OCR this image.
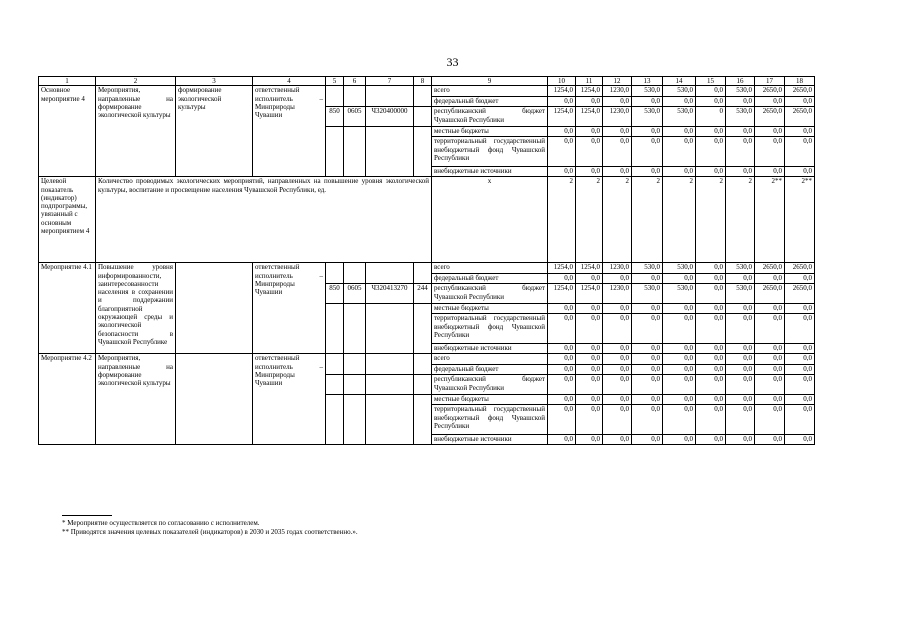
33
1	2	3	4	5	6	7	8	9	10	11	12	13	14	15	16	17	18
Основное мероприятие 4	Мероприятия, направленные на формирование экологической культуры	формирование экологической культуры	ответственный исполнитель – Минприроды Чувашии					всего	1254,0	1254,0	1230,0	530,0	530,0	0,0	530,0	2650,0	2650,0
								федеральный бюджет	0,0	0,0	0,0	0,0	0,0	0,0	0,0	0,0	0,0
				850	0605	Ч320400000		республиканский бюджет Чувашской Республики	1254,0	1254,0	1230,0	530,0	530,0	0	530,0	2650,0	2650,0
								местные бюджеты	0,0	0,0	0,0	0,0	0,0	0,0	0,0	0,0	0,0
								территориальный государственный внебюджетный фонд Чувашской Республики	0,0	0,0	0,0	0,0	0,0	0,0	0,0	0,0	0,0
								внебюджетные источники	0,0	0,0	0,0	0,0	0,0	0,0	0,0	0,0	0,0
Целевой показатель (индикатор) подпрограммы, увязанный с основным мероприятием 4	Количество проводимых экологических мероприятий, направленных на повышение уровня экологической культуры, воспитание и просвещение населения Чувашской Республики, ед.							x	2	2	2	2	2	2	2	2**	2**
Мероприятие 4.1	Повышение уровня информированности, заинтересованности населения в сохранении и поддержании благоприятной окружающей среды и экологической безопасности в Чувашской Республике		ответственный исполнитель – Минприроды Чувашии					всего	1254,0	1254,0	1230,0	530,0	530,0	0,0	530,0	2650,0	2650,0
								федеральный бюджет	0,0	0,0	0,0	0,0	0,0	0,0	0,0	0,0	0,0
				850	0605	Ч320413270	244	республиканский бюджет Чувашской Республики	1254,0	1254,0	1230,0	530,0	530,0	0,0	530,0	2650,0	2650,0
								местные бюджеты	0,0	0,0	0,0	0,0	0,0	0,0	0,0	0,0	0,0
								территориальный государственный внебюджетный фонд Чувашской Республики	0,0	0,0	0,0	0,0	0,0	0,0	0,0	0,0	0,0
								внебюджетные источники	0,0	0,0	0,0	0,0	0,0	0,0	0,0	0,0	0,0
Мероприятие 4.2	Мероприятия, направленные на формирование экологической культуры		ответственный исполнитель – Минприроды Чувашии					всего	0,0	0,0	0,0	0,0	0,0	0,0	0,0	0,0	0,0
								федеральный бюджет	0,0	0,0	0,0	0,0	0,0	0,0	0,0	0,0	0,0
								республиканский бюджет Чувашской Республики	0,0	0,0	0,0	0,0	0,0	0,0	0,0	0,0	0,0
								местные бюджеты	0,0	0,0	0,0	0,0	0,0	0,0	0,0	0,0	0,0
								территориальный государственный внебюджетный фонд Чувашской Республики	0,0	0,0	0,0	0,0	0,0	0,0	0,0	0,0	0,0
								внебюджетные источники	0,0	0,0	0,0	0,0	0,0	0,0	0,0	0,0	0,0
* Мероприятие осуществляется по согласованию с исполнителем.
** Приводятся значения целевых показателей (индикаторов) в 2030 и 2035 годах соответственно.».
